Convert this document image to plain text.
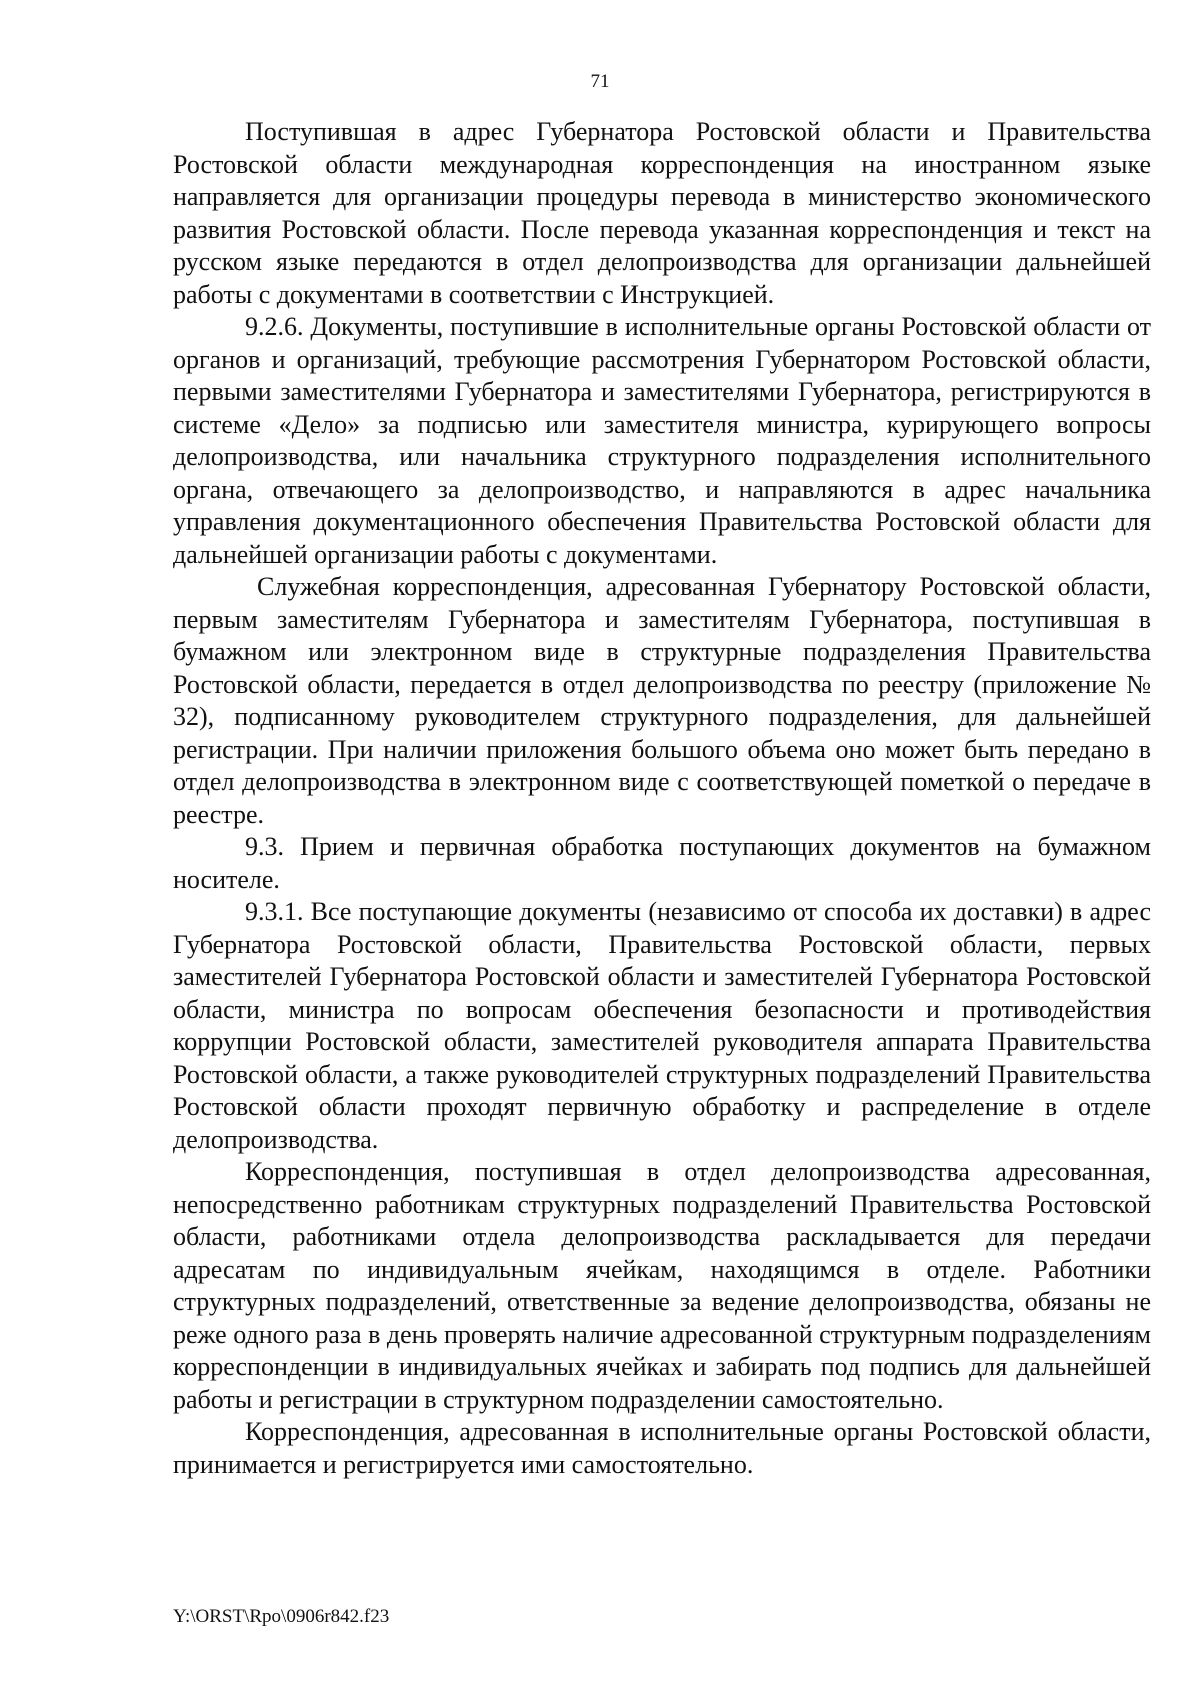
71

Поступившая в адрес Губернатора Ростовской области и Правительства Ростовской области международная корреспонденция на иностранном языке направляется для организации процедуры перевода в министерство экономического развития Ростовской области. После перевода указанная корреспонденция и текст на русском языке передаются в отдел делопроизводства для организации дальнейшей работы с документами в соответствии с Инструкцией.

9.2.6. Документы, поступившие в исполнительные органы Ростовской области от органов и организаций, требующие рассмотрения Губернатором Ростовской области, первыми заместителями Губернатора и заместителями Губернатора, регистрируются в системе «Дело» за подписью или заместителя министра, курирующего вопросы делопроизводства, или начальника структурного подразделения исполнительного органа, отвечающего за делопроизводство, и направляются в адрес начальника управления документационного обеспечения Правительства Ростовской области для дальнейшей организации работы с документами.

Служебная корреспонденция, адресованная Губернатору Ростовской области, первым заместителям Губернатора и заместителям Губернатора, поступившая в бумажном или электронном виде в структурные подразделения Правительства Ростовской области, передается в отдел делопроизводства по реестру (приложение № 32), подписанному руководителем структурного подразделения, для дальнейшей регистрации. При наличии приложения большого объема оно может быть передано в отдел делопроизводства в электронном виде с соответствующей пометкой о передаче в реестре.

9.3. Прием и первичная обработка поступающих документов на бумажном носителе.

9.3.1. Все поступающие документы (независимо от способа их доставки) в адрес Губернатора Ростовской области, Правительства Ростовской области, первых заместителей Губернатора Ростовской области и заместителей Губернатора Ростовской области, министра по вопросам обеспечения безопасности и противодействия коррупции Ростовской области, заместителей руководителя аппарата Правительства Ростовской области, а также руководителей структурных подразделений Правительства Ростовской области проходят первичную обработку и распределение в отделе делопроизводства.

Корреспонденция, поступившая в отдел делопроизводства адресованная, непосредственно работникам структурных подразделений Правительства Ростовской области, работниками отдела делопроизводства раскладывается для передачи адресатам по индивидуальным ячейкам, находящимся в отделе. Работники структурных подразделений, ответственные за ведение делопроизводства, обязаны не реже одного раза в день проверять наличие адресованной структурным подразделениям корреспонденции в индивидуальных ячейках и забирать под подпись для дальнейшей работы и регистрации в структурном подразделении самостоятельно.

Корреспонденция, адресованная в исполнительные органы Ростовской области, принимается и регистрируется ими самостоятельно.

Y:\ORST\Rpo\0906r842.f23
